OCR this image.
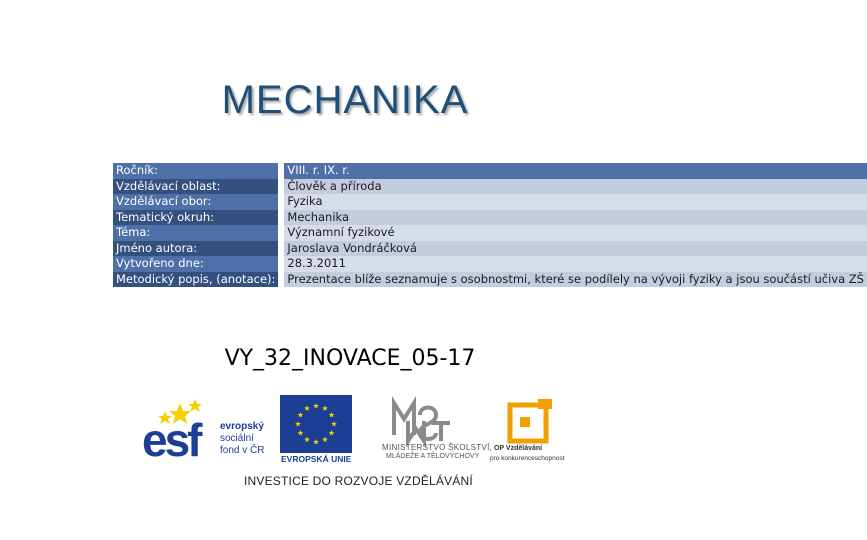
MECHANIKA
Ročník:		VIII. r. IX. r.
Vzdělávací oblast:		Člověk a příroda
Vzdělávací obor:		Fyzika
Tematický okruh:		Mechanika
Téma:		Významní fyzikové
Jméno autora:		Jaroslava Vondráčková
Vytvořeno dne:		28.3.2011
Metodický popis, (anotace):		Prezentace blíže seznamuje s osobnostmi, které se podílely na vývoji fyziky a jsou součástí učiva ZŠ
VY_32_INOVACE_05-17
esf evropský
sociální
fond v ČR
EVROPSKÁ UNIE
MINISTERSTVO ŠKOLSTVÍ,
MLÁDEŽE A TĚLOVÝCHOVY
OP Vzdělávání
pro konkurenceschopnost
INVESTICE DO ROZVOJE VZDĚLÁVÁNÍ
